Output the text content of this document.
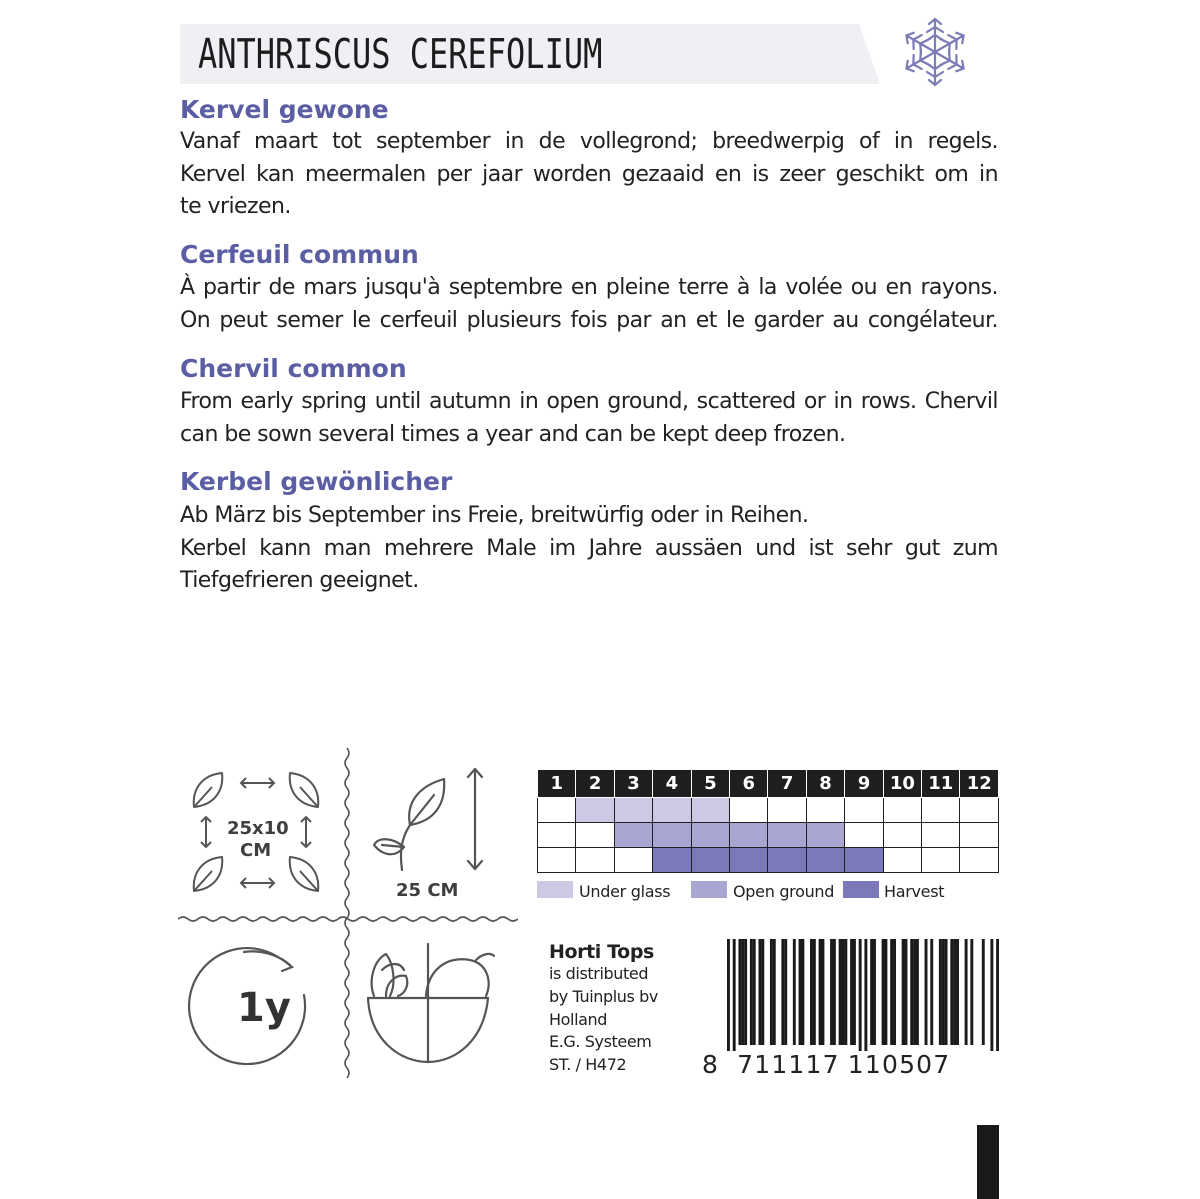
ANTHRISCUS CEREFOLIUM
Kervel gewone
Vanaf maart tot september in de vollegrond; breedwerpig of in regels.
Kervel kan meermalen per jaar worden gezaaid en is zeer geschikt om in
te vriezen.
Cerfeuil commun
À partir de mars jusqu'à septembre en pleine terre à la volée ou en rayons.
On peut semer le cerfeuil plusieurs fois par an et le garder au congélateur.
Chervil common
From early spring until autumn in open ground, scattered or in rows. Chervil
can be sown several times a year and can be kept deep frozen.
Kerbel gewönlicher
Ab März bis September ins Freie, breitwürfig oder in Reihen.
Kerbel kann man mehrere Male im Jahre aussäen und ist sehr gut zum
Tiefgefrieren geeignet.
25x10
CM
25 CM
1y
1	2	3	4	5	6	7	8	9	10	11	12

Under glass	Open ground	Harvest
Horti Tops
is distributed
by Tuinplus bv
Holland
E.G. Systeem
ST. / H472	8 711117 110507
